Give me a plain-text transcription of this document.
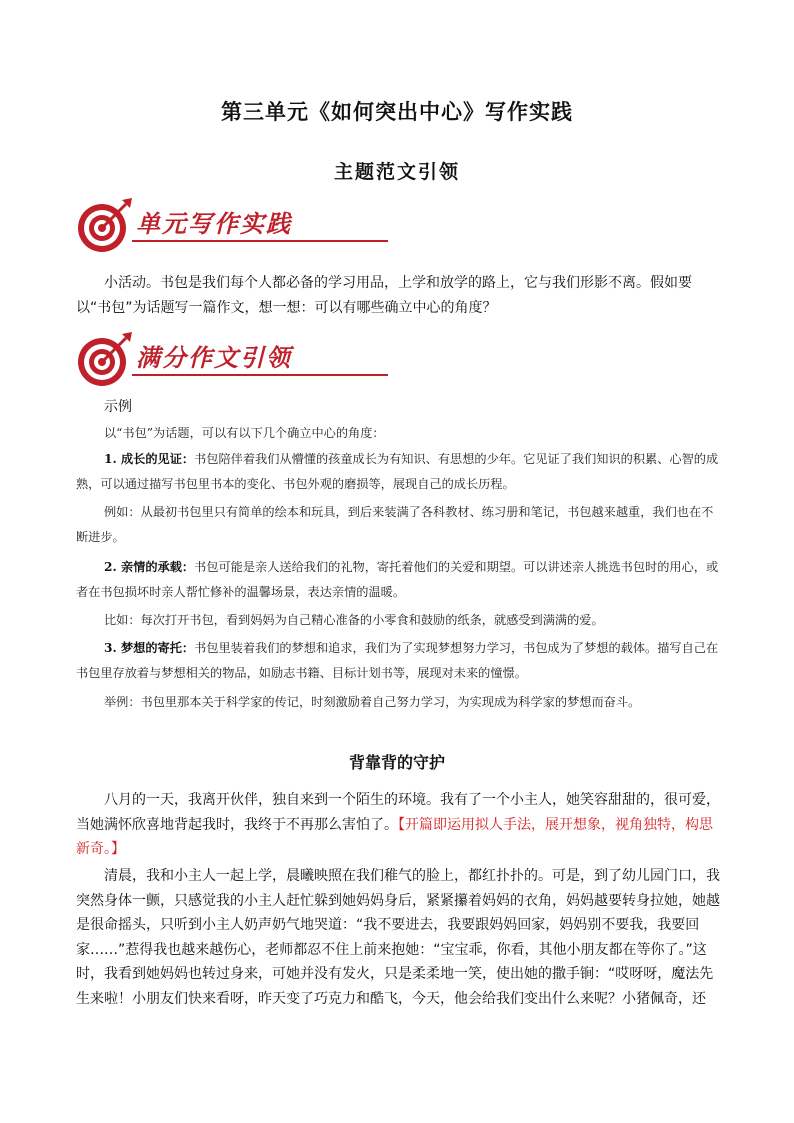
第三单元《如何突出中心》写作实践
主题范文引领
单元写作实践

小活动。书包是我们每个人都必备的学习用品，上学和放学的路上，它与我们形影不离。假如要以“书包”为话题写一篇作文，想一想：可以有哪些确立中心的角度？

满分作文引领
示例

以“书包”为话题，可以有以下几个确立中心的角度：

1. 成长的见证：书包陪伴着我们从懵懂的孩童成长为有知识、有思想的少年。它见证了我们知识的积累、心智的成熟，可以通过描写书包里书本的变化、书包外观的磨损等，展现自己的成长历程。

例如：从最初书包里只有简单的绘本和玩具，到后来装满了各科教材、练习册和笔记，书包越来越重，我们也在不断进步。

2. 亲情的承载：书包可能是亲人送给我们的礼物，寄托着他们的关爱和期望。可以讲述亲人挑选书包时的用心，或者在书包损坏时亲人帮忙修补的温馨场景，表达亲情的温暖。

比如：每次打开书包，看到妈妈为自己精心准备的小零食和鼓励的纸条，就感受到满满的爱。

3. 梦想的寄托：书包里装着我们的梦想和追求，我们为了实现梦想努力学习，书包成为了梦想的载体。描写自己在书包里存放着与梦想相关的物品，如励志书籍、目标计划书等，展现对未来的憧憬。

举例：书包里那本关于科学家的传记，时刻激励着自己努力学习，为实现成为科学家的梦想而奋斗。

背靠背的守护

八月的一天，我离开伙伴，独自来到一个陌生的环境。我有了一个小主人，她笑容甜甜的，很可爱，当她满怀欣喜地背起我时，我终于不再那么害怕了。【开篇即运用拟人手法，展开想象，视角独特，构思新奇。】

清晨，我和小主人一起上学，晨曦映照在我们稚气的脸上，都红扑扑的。可是，到了幼儿园门口，我突然身体一颤，只感觉我的小主人赶忙躲到她妈妈身后，紧紧攥着妈妈的衣角，妈妈越要转身拉她，她越是很命摇头，只听到小主人奶声奶气地哭道：“我不要进去，我要跟妈妈回家，妈妈别不要我，我要回家……”惹得我也越来越伤心，老师都忍不住上前来抱她：“宝宝乖，你看，其他小朋友都在等你了。”这时，我看到她妈妈也转过身来，可她并没有发火，只是柔柔地一笑，使出她的撒手锏：“哎呀呀，魔法先生来啦！小朋友们快来看呀，昨天变了巧克力和酷飞，今天，他会给我们变出什么来呢？小猪佩奇，还
